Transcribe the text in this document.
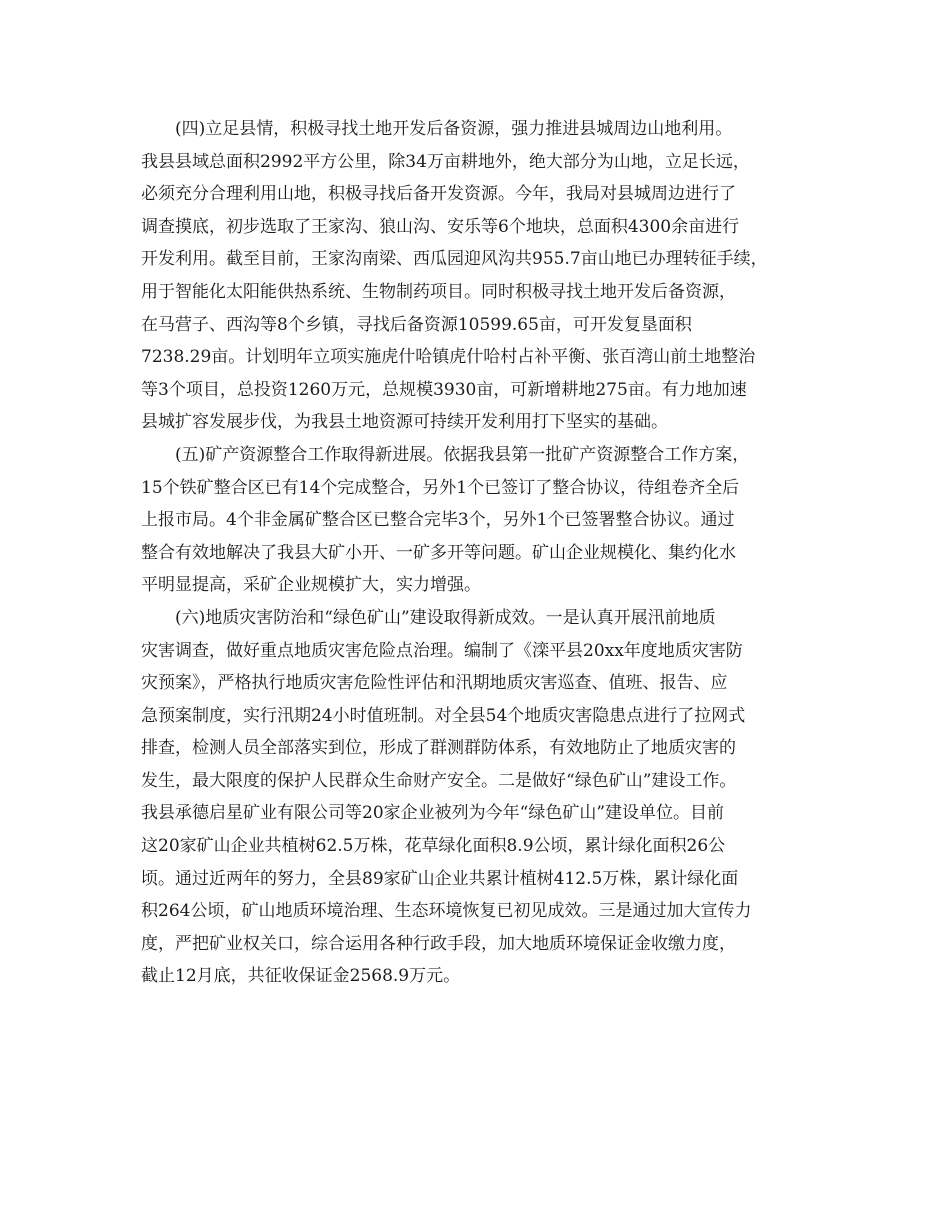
(四)立足县情，积极寻找土地开发后备资源，强力推进县城周边山地利用。
我县县域总面积2992平方公里，除34万亩耕地外，绝大部分为山地，立足长远，
必须充分合理利用山地，积极寻找后备开发资源。今年，我局对县城周边进行了
调查摸底，初步选取了王家沟、狼山沟、安乐等6个地块，总面积4300余亩进行
开发利用。截至目前，王家沟南梁、西瓜园迎风沟共955.7亩山地已办理转征手续，
用于智能化太阳能供热系统、生物制药项目。同时积极寻找土地开发后备资源，
在马营子、西沟等8个乡镇，寻找后备资源10599.65亩，可开发复垦面积
7238.29亩。计划明年立项实施虎什哈镇虎什哈村占补平衡、张百湾山前土地整治
等3个项目，总投资1260万元，总规模3930亩，可新增耕地275亩。有力地加速
县城扩容发展步伐，为我县土地资源可持续开发利用打下坚实的基础。
(五)矿产资源整合工作取得新进展。依据我县第一批矿产资源整合工作方案，
15个铁矿整合区已有14个完成整合，另外1个已签订了整合协议，待组卷齐全后
上报市局。4个非金属矿整合区已整合完毕3个，另外1个已签署整合协议。通过
整合有效地解决了我县大矿小开、一矿多开等问题。矿山企业规模化、集约化水
平明显提高，采矿企业规模扩大，实力增强。
(六)地质灾害防治和“绿色矿山”建设取得新成效。一是认真开展汛前地质
灾害调查，做好重点地质灾害危险点治理。编制了《滦平县20xx年度地质灾害防
灾预案》，严格执行地质灾害危险性评估和汛期地质灾害巡查、值班、报告、应
急预案制度，实行汛期24小时值班制。对全县54个地质灾害隐患点进行了拉网式
排查，检测人员全部落实到位，形成了群测群防体系，有效地防止了地质灾害的
发生，最大限度的保护人民群众生命财产安全。二是做好“绿色矿山”建设工作。
我县承德启星矿业有限公司等20家企业被列为今年“绿色矿山”建设单位。目前
这20家矿山企业共植树62.5万株，花草绿化面积8.9公顷，累计绿化面积26公
顷。通过近两年的努力，全县89家矿山企业共累计植树412.5万株，累计绿化面
积264公顷，矿山地质环境治理、生态环境恢复已初见成效。三是通过加大宣传力
度，严把矿业权关口，综合运用各种行政手段，加大地质环境保证金收缴力度，
截止12月底，共征收保证金2568.9万元。
